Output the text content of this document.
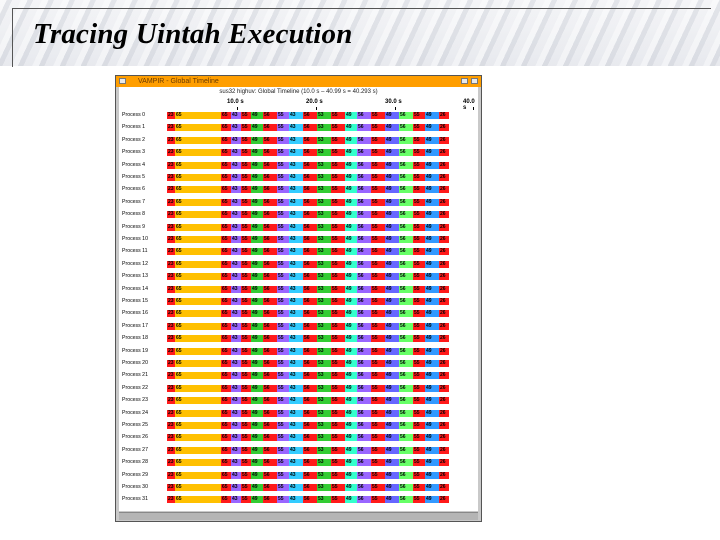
Tracing Uintah Execution
VAMPIR - Global Timeline
sus32 highuv: Global Timeline (10.0 s – 40.99 s = 40.293 s)
10.0 s	20.0 s	30.0 s	40.0 s
Process 0	23 65	65 43 55 49 56 55 43 56 53 55 49 56 55 49 56 55 49 26
Process 1	23 65	65 43 55 49 56 55 43 56 53 55 49 56 55 49 56 55 49 26
Process 2	23 65	65 43 55 49 56 55 43 56 53 55 49 56 55 49 56 55 49 26
Process 3	23 65	65 43 55 49 56 55 43 56 53 55 49 56 55 49 56 55 49 26
Process 4	23 65	65 43 55 49 56 55 43 56 53 55 49 56 55 49 56 55 49 26
Process 5	23 65	65 43 55 49 56 55 43 56 53 55 49 56 55 49 56 55 49 26
Process 6	23 65	65 43 55 49 56 55 43 56 53 55 49 56 55 49 56 55 49 26
Process 7	23 65	65 43 55 49 56 55 43 56 53 55 49 56 55 49 56 55 49 26
Process 8	23 65	65 43 55 49 56 55 43 56 53 55 49 56 55 49 56 55 49 26
Process 9	23 65	65 43 55 49 56 55 43 56 53 55 49 56 55 49 56 55 49 26
Process 10	23 65	65 43 55 49 56 55 43 56 53 55 49 56 55 49 56 55 49 26
Process 11	23 65	65 43 55 49 56 55 43 56 53 55 49 56 55 49 56 55 49 26
Process 12	23 65	65 43 55 49 56 55 43 56 53 55 49 56 55 49 56 55 49 26
Process 13	23 65	65 43 55 49 56 55 43 56 53 55 49 56 55 49 56 55 49 26
Process 14	23 65	65 43 55 49 56 55 43 56 53 55 49 56 55 49 56 55 49 26
Process 15	23 65	65 43 55 49 56 55 43 56 53 55 49 56 55 49 56 55 49 26
Process 16	23 65	65 43 55 49 56 55 43 56 53 55 49 56 55 49 56 55 49 26
Process 17	23 65	65 43 55 49 56 55 43 56 53 55 49 56 55 49 56 55 49 26
Process 18	23 65	65 43 55 49 56 55 43 56 53 55 49 56 55 49 56 55 49 26
Process 19	23 65	65 43 55 49 56 55 43 56 53 55 49 56 55 49 56 55 49 26
Process 20	23 65	65 43 55 49 56 55 43 56 53 55 49 56 55 49 56 55 49 26
Process 21	23 65	65 43 55 49 56 55 43 56 53 55 49 56 55 49 56 55 49 26
Process 22	23 65	65 43 55 49 56 55 43 56 53 55 49 56 55 49 56 55 49 26
Process 23	23 65	65 43 55 49 56 55 43 56 53 55 49 56 55 49 56 55 49 26
Process 24	23 65	65 43 55 49 56 55 43 56 53 55 49 56 55 49 56 55 49 26
Process 25	23 65	65 43 55 49 56 55 43 56 53 55 49 56 55 49 56 55 49 26
Process 26	23 65	65 43 55 49 56 55 43 56 53 55 49 56 55 49 56 55 49 26
Process 27	23 65	65 43 55 49 56 55 43 56 53 55 49 56 55 49 56 55 49 26
Process 28	23 65	65 43 55 49 56 55 43 56 53 55 49 56 55 49 56 55 49 26
Process 29	23 65	65 43 55 49 56 55 43 56 53 55 49 56 55 49 56 55 49 26
Process 30	23 65	65 43 55 49 56 55 43 56 53 55 49 56 55 49 56 55 49 26
Process 31	23 65	65 43 55 49 56 55 43 56 53 55 49 56 55 49 56 55 49 26
